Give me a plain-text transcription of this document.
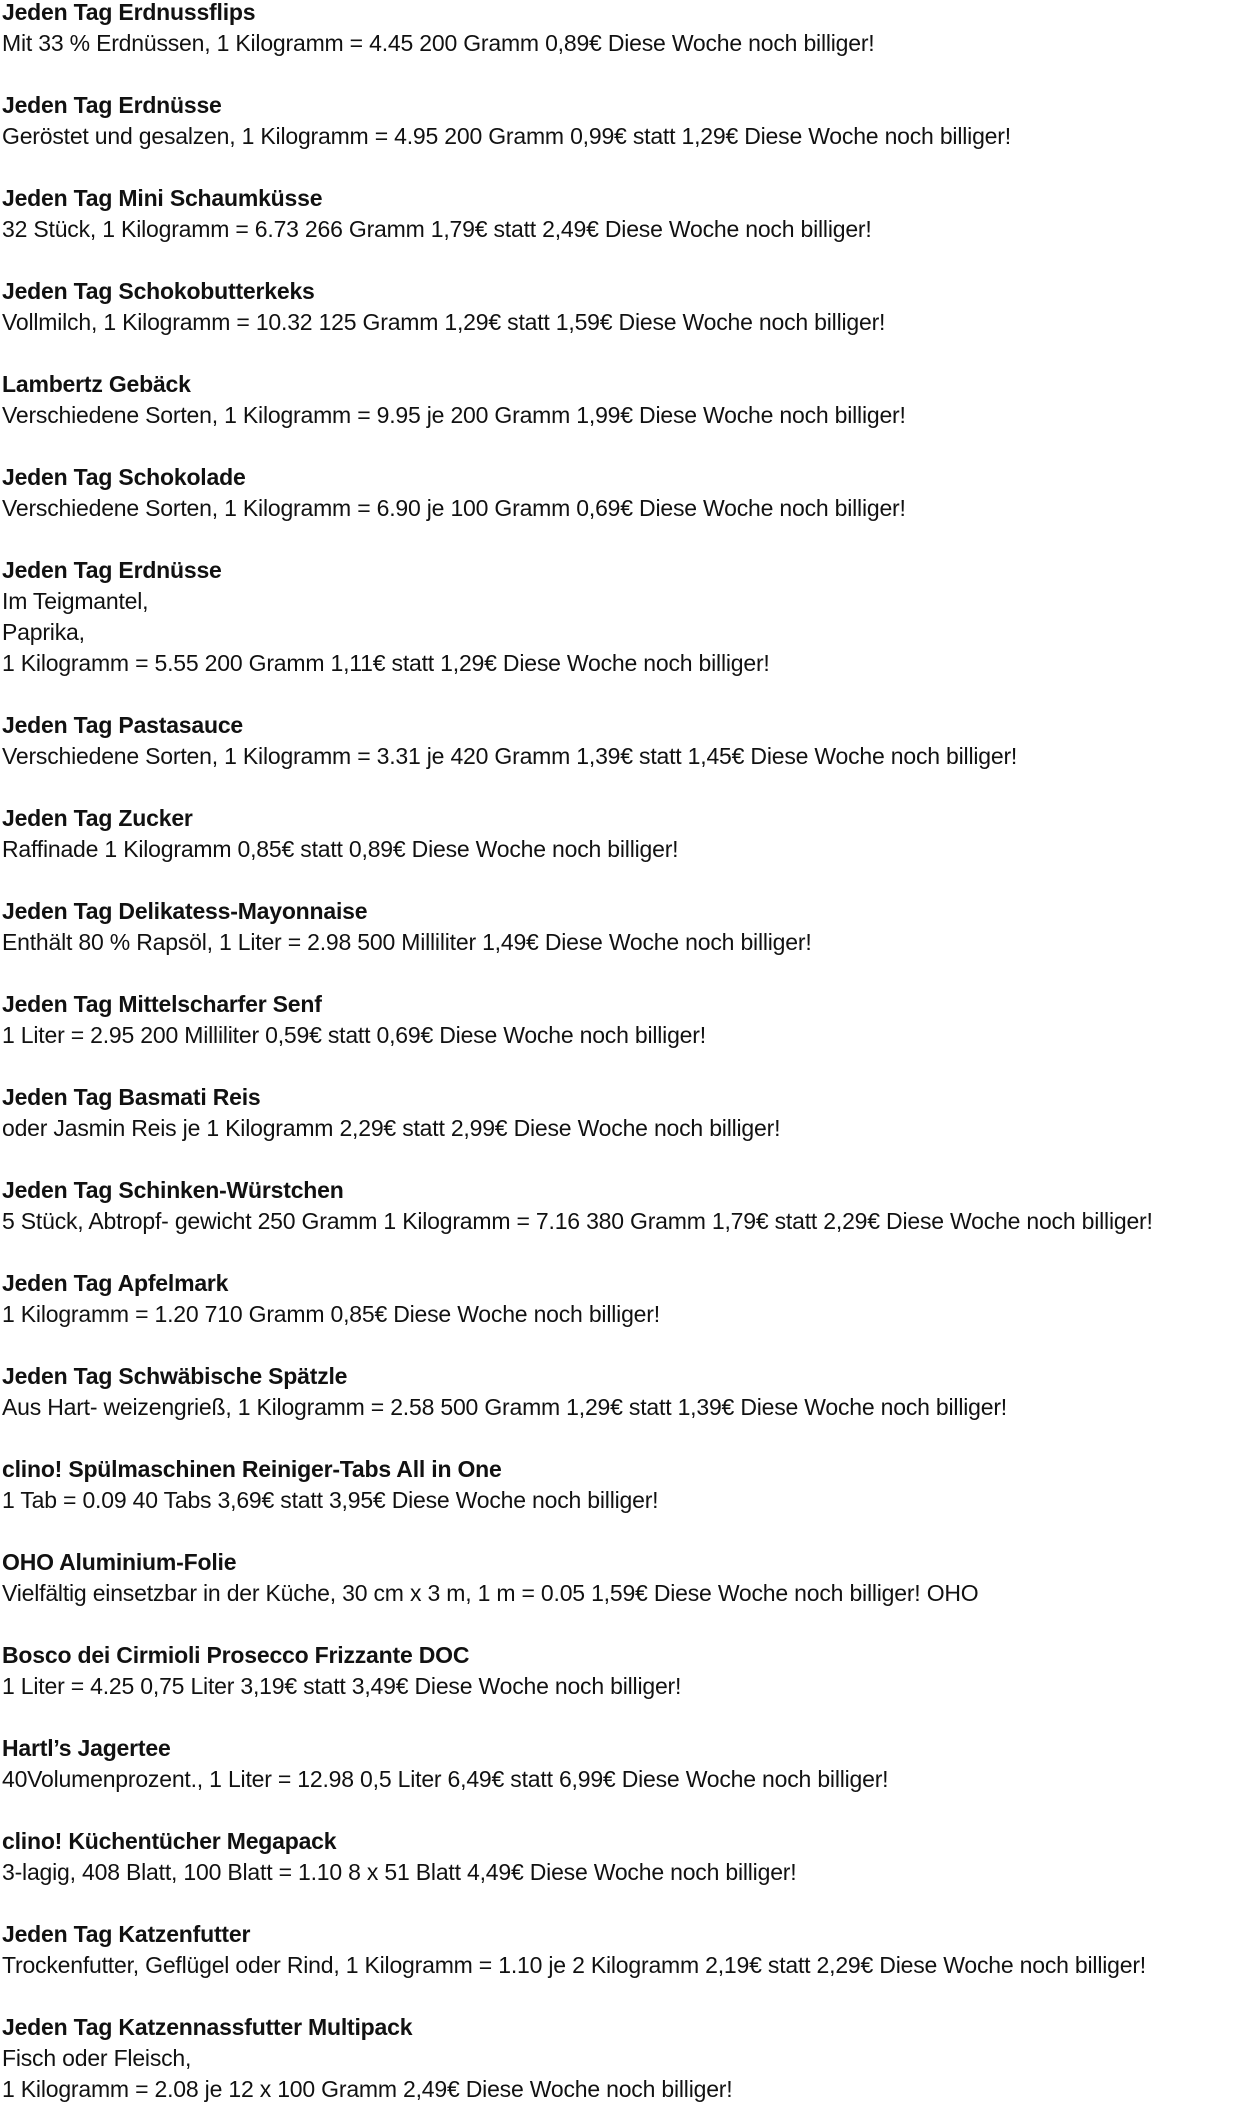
Jeden Tag Erdnussflips
Mit 33 % Erdnüssen, 1 Kilogramm = 4.45 200 Gramm 0,89€ Diese Woche noch billiger!
Jeden Tag Erdnüsse
Geröstet und gesalzen, 1 Kilogramm = 4.95 200 Gramm 0,99€ statt 1,29€ Diese Woche noch billiger!
Jeden Tag Mini Schaumküsse
32 Stück, 1 Kilogramm = 6.73 266 Gramm 1,79€ statt 2,49€ Diese Woche noch billiger!
Jeden Tag Schokobutterkeks
Vollmilch, 1 Kilogramm = 10.32 125 Gramm 1,29€ statt 1,59€ Diese Woche noch billiger!
Lambertz Gebäck
Verschiedene Sorten, 1 Kilogramm = 9.95 je 200 Gramm 1,99€ Diese Woche noch billiger!
Jeden Tag Schokolade
Verschiedene Sorten, 1 Kilogramm = 6.90 je 100 Gramm 0,69€ Diese Woche noch billiger!
Jeden Tag Erdnüsse
Im Teigmantel,
Paprika,
1 Kilogramm = 5.55 200 Gramm 1,11€ statt 1,29€ Diese Woche noch billiger!
Jeden Tag Pastasauce
Verschiedene Sorten, 1 Kilogramm = 3.31 je 420 Gramm 1,39€ statt 1,45€ Diese Woche noch billiger!
Jeden Tag Zucker
Raffinade 1 Kilogramm 0,85€ statt 0,89€ Diese Woche noch billiger!
Jeden Tag Delikatess-Mayonnaise
Enthält 80 % Rapsöl, 1 Liter = 2.98 500 Milliliter 1,49€ Diese Woche noch billiger!
Jeden Tag Mittelscharfer Senf
1 Liter = 2.95 200 Milliliter 0,59€ statt 0,69€ Diese Woche noch billiger!
Jeden Tag Basmati Reis
oder Jasmin Reis je 1 Kilogramm 2,29€ statt 2,99€ Diese Woche noch billiger!
Jeden Tag Schinken-Würstchen
5 Stück, Abtropf- gewicht 250 Gramm 1 Kilogramm = 7.16 380 Gramm 1,79€ statt 2,29€ Diese Woche noch billiger!
Jeden Tag Apfelmark
1 Kilogramm = 1.20 710 Gramm 0,85€ Diese Woche noch billiger!
Jeden Tag Schwäbische Spätzle
Aus Hart- weizengrieß, 1 Kilogramm = 2.58 500 Gramm 1,29€ statt 1,39€ Diese Woche noch billiger!
clino! Spülmaschinen Reiniger-Tabs All in One
1 Tab = 0.09 40 Tabs 3,69€ statt 3,95€ Diese Woche noch billiger!
OHO Aluminium-Folie
Vielfältig einsetzbar in der Küche, 30 cm x 3 m, 1 m = 0.05 1,59€ Diese Woche noch billiger! OHO
Bosco dei Cirmioli Prosecco Frizzante DOC
1 Liter = 4.25 0,75 Liter 3,19€ statt 3,49€ Diese Woche noch billiger!
Hartl’s Jagertee
40Volumenprozent., 1 Liter = 12.98 0,5 Liter 6,49€ statt 6,99€ Diese Woche noch billiger!
clino! Küchentücher Megapack
3-lagig, 408 Blatt, 100 Blatt = 1.10 8 x 51 Blatt 4,49€ Diese Woche noch billiger!
Jeden Tag Katzenfutter
Trockenfutter, Geflügel oder Rind, 1 Kilogramm = 1.10 je 2 Kilogramm 2,19€ statt 2,29€ Diese Woche noch billiger!
Jeden Tag Katzennassfutter Multipack
Fisch oder Fleisch,
1 Kilogramm = 2.08 je 12 x 100 Gramm 2,49€ Diese Woche noch billiger!
